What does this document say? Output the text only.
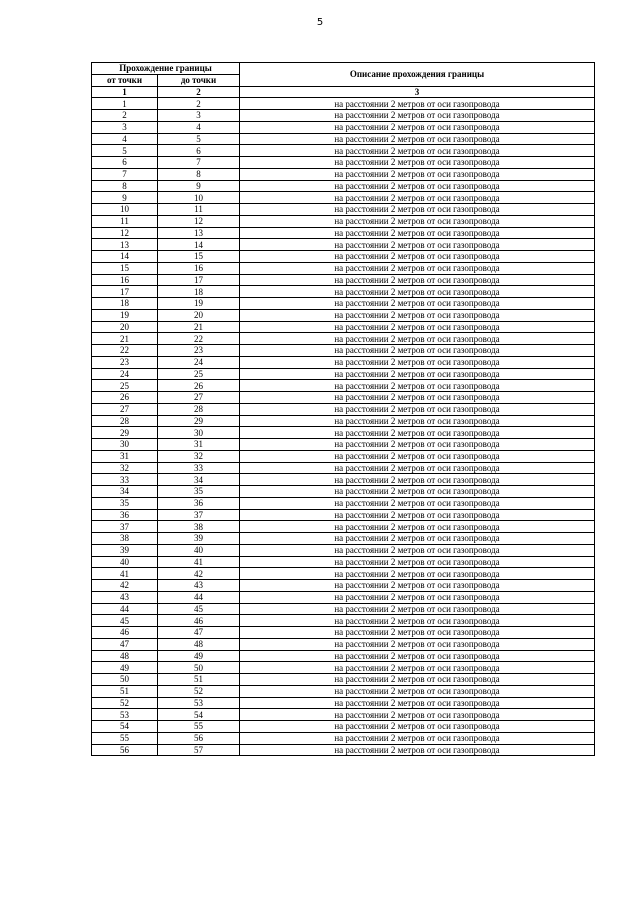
5
Прохождение границы		Описание прохождения границы
от точки	до точки	
1	2	3
1	2	на расстоянии 2 метров от оси газопровода
2	3	на расстоянии 2 метров от оси газопровода
3	4	на расстоянии 2 метров от оси газопровода
4	5	на расстоянии 2 метров от оси газопровода
5	6	на расстоянии 2 метров от оси газопровода
6	7	на расстоянии 2 метров от оси газопровода
7	8	на расстоянии 2 метров от оси газопровода
8	9	на расстоянии 2 метров от оси газопровода
9	10	на расстоянии 2 метров от оси газопровода
10	11	на расстоянии 2 метров от оси газопровода
11	12	на расстоянии 2 метров от оси газопровода
12	13	на расстоянии 2 метров от оси газопровода
13	14	на расстоянии 2 метров от оси газопровода
14	15	на расстоянии 2 метров от оси газопровода
15	16	на расстоянии 2 метров от оси газопровода
16	17	на расстоянии 2 метров от оси газопровода
17	18	на расстоянии 2 метров от оси газопровода
18	19	на расстоянии 2 метров от оси газопровода
19	20	на расстоянии 2 метров от оси газопровода
20	21	на расстоянии 2 метров от оси газопровода
21	22	на расстоянии 2 метров от оси газопровода
22	23	на расстоянии 2 метров от оси газопровода
23	24	на расстоянии 2 метров от оси газопровода
24	25	на расстоянии 2 метров от оси газопровода
25	26	на расстоянии 2 метров от оси газопровода
26	27	на расстоянии 2 метров от оси газопровода
27	28	на расстоянии 2 метров от оси газопровода
28	29	на расстоянии 2 метров от оси газопровода
29	30	на расстоянии 2 метров от оси газопровода
30	31	на расстоянии 2 метров от оси газопровода
31	32	на расстоянии 2 метров от оси газопровода
32	33	на расстоянии 2 метров от оси газопровода
33	34	на расстоянии 2 метров от оси газопровода
34	35	на расстоянии 2 метров от оси газопровода
35	36	на расстоянии 2 метров от оси газопровода
36	37	на расстоянии 2 метров от оси газопровода
37	38	на расстоянии 2 метров от оси газопровода
38	39	на расстоянии 2 метров от оси газопровода
39	40	на расстоянии 2 метров от оси газопровода
40	41	на расстоянии 2 метров от оси газопровода
41	42	на расстоянии 2 метров от оси газопровода
42	43	на расстоянии 2 метров от оси газопровода
43	44	на расстоянии 2 метров от оси газопровода
44	45	на расстоянии 2 метров от оси газопровода
45	46	на расстоянии 2 метров от оси газопровода
46	47	на расстоянии 2 метров от оси газопровода
47	48	на расстоянии 2 метров от оси газопровода
48	49	на расстоянии 2 метров от оси газопровода
49	50	на расстоянии 2 метров от оси газопровода
50	51	на расстоянии 2 метров от оси газопровода
51	52	на расстоянии 2 метров от оси газопровода
52	53	на расстоянии 2 метров от оси газопровода
53	54	на расстоянии 2 метров от оси газопровода
54	55	на расстоянии 2 метров от оси газопровода
55	56	на расстоянии 2 метров от оси газопровода
56	57	на расстоянии 2 метров от оси газопровода
